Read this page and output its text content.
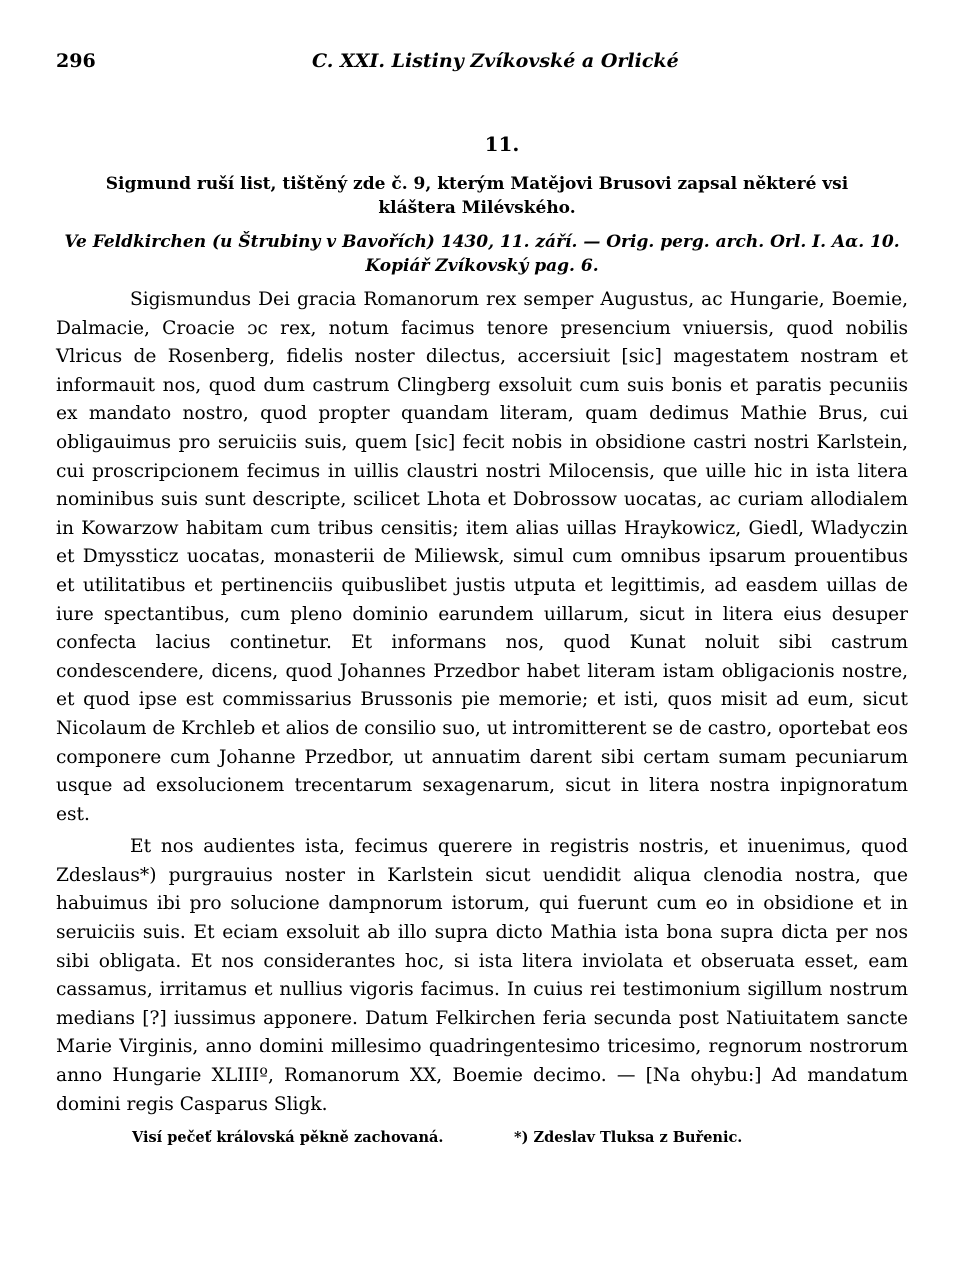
296	C. XXI. Listiny Zvíkovské a Orlické
11.
Sigmund ruší list, tištěný zde č. 9, kterým Matějovi Brusovi zapsal některé vsi kláštera Milévského.
Ve Feldkirchen (u Štrubiny v Bavořích) 1430, 11. září. — Orig. perg. arch. Orl. I. Aα. 10.
Kopiář Zvíkovský pag. 6.

Sigismundus Dei gracia Romanorum rex semper Augustus, ac Hungarie, Boemie, Dalmacie, Croacie ɔc rex, notum facimus tenore presencium vniuersis, quod nobilis Vlricus de Rosenberg, fidelis noster dilectus, accersiuit [sic] magestatem nostram et informauit nos, quod dum castrum Clingberg exsoluit cum suis bonis et paratis pecuniis ex mandato nostro, quod propter quandam literam, quam dedimus Mathie Brus, cui obligauimus pro seruiciis suis, quem [sic] fecit nobis in obsidione castri nostri Karlstein, cui proscripcionem fecimus in uillis claustri nostri Milocensis, que uille hic in ista litera nominibus suis sunt descripte, scilicet Lhota et Dobrossow uocatas, ac curiam allodialem in Kowarzow habitam cum tribus censitis; item alias uillas Hraykowicz, Giedl, Wladyczin et Dmyssticz uocatas, monasterii de Miliewsk, simul cum omnibus ipsarum prouentibus et utilitatibus et pertinenciis quibuslibet justis utputa et legittimis, ad easdem uillas de iure spectantibus, cum pleno dominio earundem uillarum, sicut in litera eius desuper confecta lacius continetur. Et informans nos, quod Kunat noluit sibi castrum condescendere, dicens, quod Johannes Przedbor habet literam istam obligacionis nostre, et quod ipse est commissarius Brussonis pie memorie; et isti, quos misit ad eum, sicut Nicolaum de Krchleb et alios de consilio suo, ut intromitterent se de castro, oportebat eos componere cum Johanne Przedbor, ut annuatim darent sibi certam sumam pecuniarum usque ad exsolucionem trecentarum sexagenarum, sicut in litera nostra inpignoratum est.

Et nos audientes ista, fecimus querere in registris nostris, et inuenimus, quod Zdeslaus*) purgrauius noster in Karlstein sicut uendidit aliqua clenodia nostra, que habuimus ibi pro solucione dampnorum istorum, qui fuerunt cum eo in obsidione et in seruiciis suis. Et eciam exsoluit ab illo supra dicto Mathia ista bona supra dicta per nos sibi obligata. Et nos considerantes hoc, si ista litera inviolata et obseruata esset, eam cassamus, irritamus et nullius vigoris facimus. In cuius rei testimonium sigillum nostrum medians [?] iussimus apponere. Datum Felkirchen feria secunda post Natiuitatem sancte Marie Virginis, anno domini millesimo quadringentesimo tricesimo, regnorum nostrorum anno Hungarie XLIIIº, Romanorum XX, Boemie decimo. — [Na ohybu:] Ad mandatum domini regis Casparus Sligk.

Visí pečeť královská pěkně zachovaná.	*) Zdeslav Tluksa z Buřenic.
